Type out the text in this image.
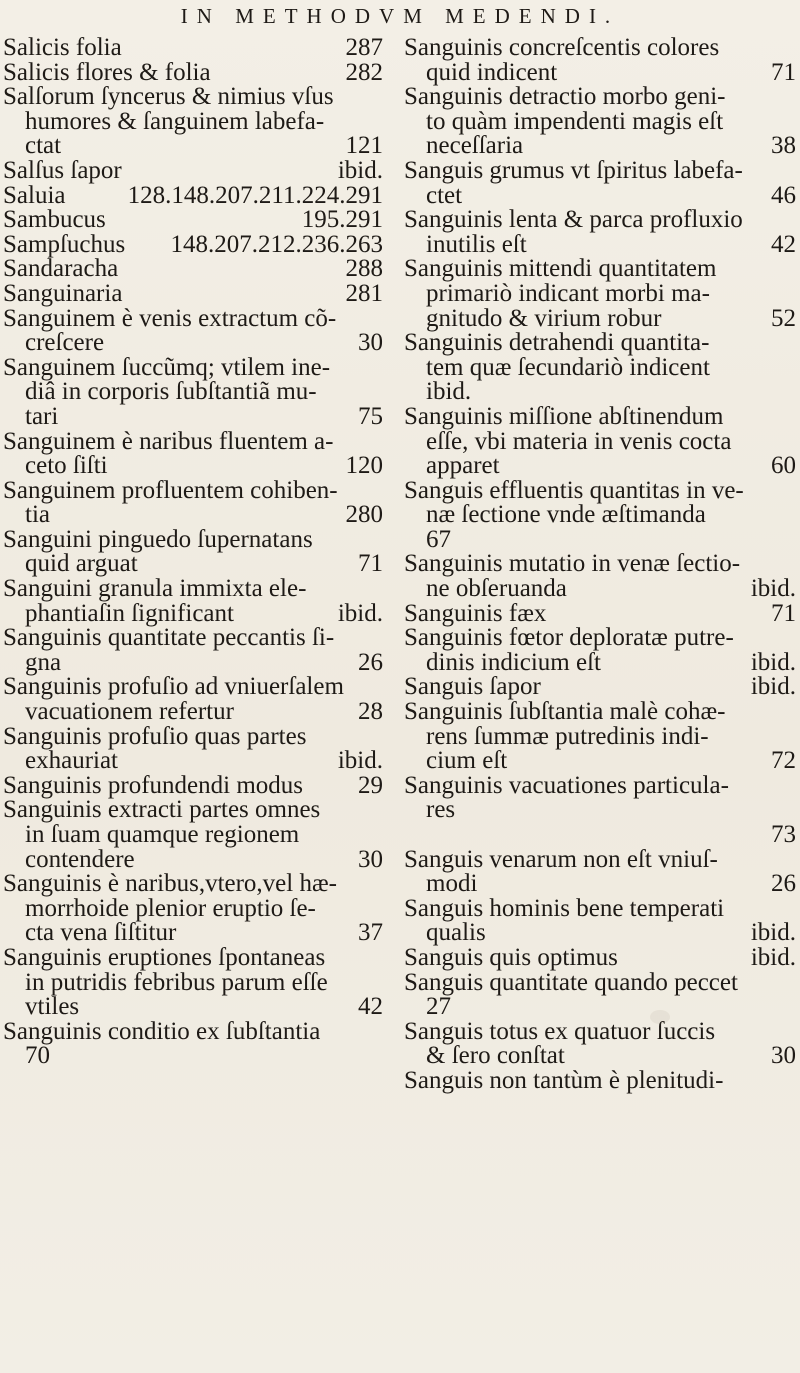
IN METHODVM MEDENDI.
Salicis folia	287
Salicis flores & folia	282
Salſorum ſyncerus & nimius vſus
humores & ſanguinem labefa-
ctat	121
Salſus ſapor	ibid.
Saluia	128.148.207.211.224.291
Sambucus	195.291
Sampſuchus	148.207.212.236.263
Sandaracha	288
Sanguinaria	281
Sanguinem è venis extractum cõ-
creſcere	30
Sanguinem ſuccũmq; vtilem ine-
diâ in corporis ſubſtantiã mu-
tari	75
Sanguinem è naribus fluentem a-
ceto ſiſti	120
Sanguinem profluentem cohiben-
tia	280
Sanguini pinguedo ſupernatans
quid arguat	71
Sanguini granula immixta ele-
phantiaſin ſignificant	ibid.
Sanguinis quantitate peccantis ſi-
gna	26
Sanguinis profuſio ad vniuerſalem
vacuationem refertur	28
Sanguinis profuſio quas partes
exhauriat	ibid.
Sanguinis profundendi modus	29
Sanguinis extracti partes omnes
in ſuam quamque regionem
contendere	30
Sanguinis è naribus,vtero,vel hæ-
morrhoide plenior eruptio ſe-
cta vena ſiſtitur	37
Sanguinis eruptiones ſpontaneas
in putridis febribus parum eſſe
vtiles	42
Sanguinis conditio ex ſubſtantia
70
Sanguinis concreſcentis colores
quid indicent	71
Sanguinis detractio morbo geni-
to quàm impendenti magis eſt
neceſſaria	38
Sanguis grumus vt ſpiritus labefa-
ctet	46
Sanguinis lenta & parca profluxio
inutilis eſt	42
Sanguinis mittendi quantitatem
primariò indicant morbi ma-
gnitudo & virium robur	52
Sanguinis detrahendi quantita-
tem quæ ſecundariò indicent
ibid.
Sanguinis miſſione abſtinendum
eſſe, vbi materia in venis cocta
apparet	60
Sanguis effluentis quantitas in ve-
næ ſectione vnde æſtimanda
67
Sanguinis mutatio in venæ ſectio-
ne obſeruanda	ibid.
Sanguinis fæx	71
Sanguinis fœtor deploratæ putre-
dinis indicium eſt	ibid.
Sanguis ſapor	ibid.
Sanguinis ſubſtantia malè cohæ-
rens ſummæ putredinis indi-
cium eſt	72
Sanguinis vacuationes particula-
res
73
Sanguis venarum non eſt vniuſ-
modi	26
Sanguis hominis bene temperati
qualis	ibid.
Sanguis quis optimus	ibid.
Sanguis quantitate quando peccet
27
Sanguis totus ex quatuor ſuccis
& ſero conſtat	30
Sanguis non tantùm è plenitudi-
